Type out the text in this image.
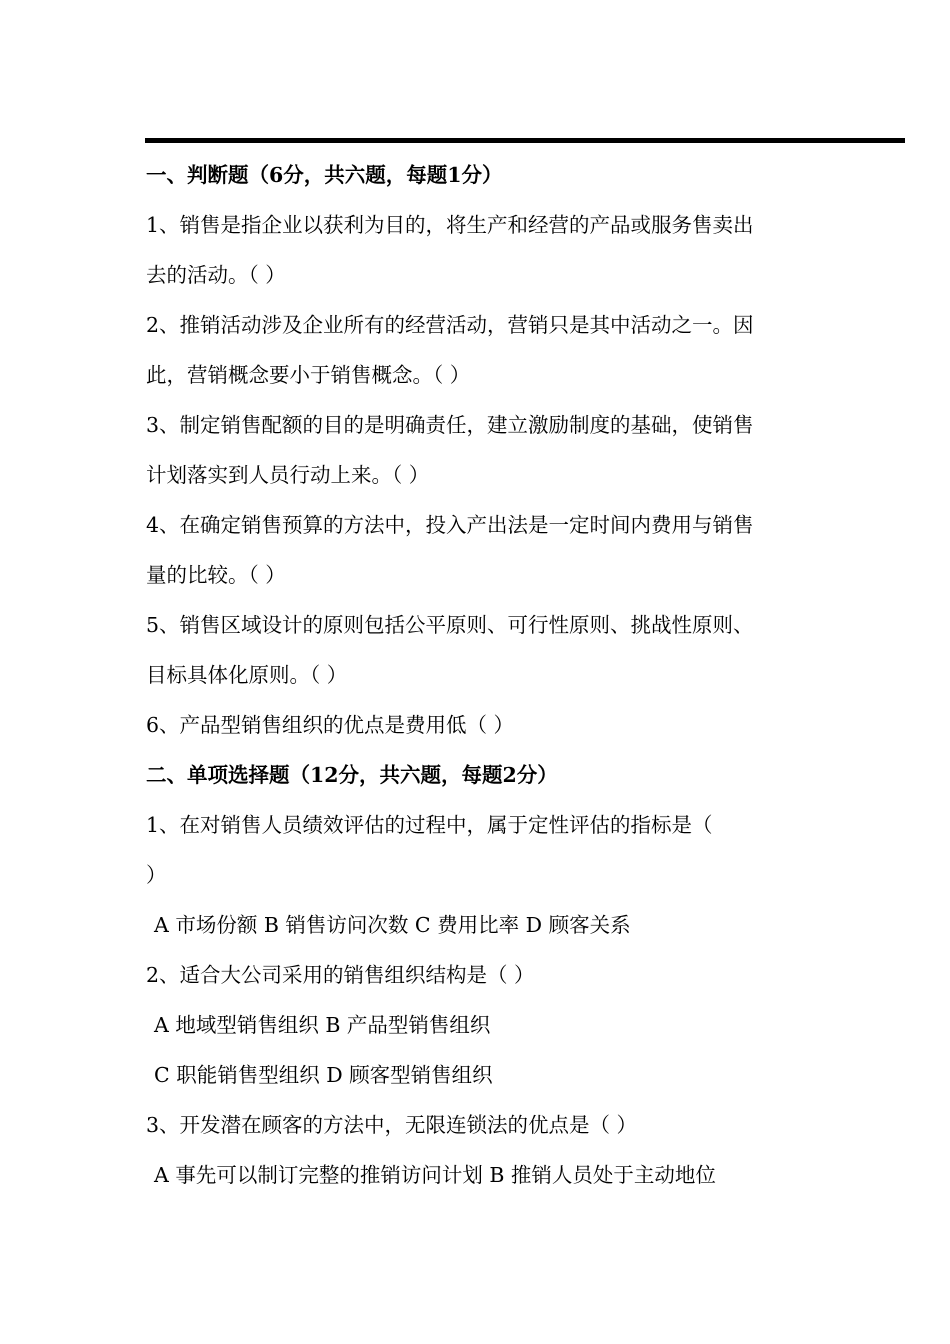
一、判断题（6分，共六题，每题1分）
1、销售是指企业以获利为目的，将生产和经营的产品或服务售卖出
去的活动。（ ）
2、推销活动涉及企业所有的经营活动，营销只是其中活动之一。因
此，营销概念要小于销售概念。（ ）
3、制定销售配额的目的是明确责任，建立激励制度的基础，使销售
计划落实到人员行动上来。（ ）
4、在确定销售预算的方法中，投入产出法是一定时间内费用与销售
量的比较。（ ）
5、销售区域设计的原则包括公平原则、可行性原则、挑战性原则、
目标具体化原则。（ ）
6、产品型销售组织的优点是费用低（ ）
二、单项选择题（12分，共六题，每题2分）
1、在对销售人员绩效评估的过程中，属于定性评估的指标是（
）
A 市场份额 B 销售访问次数 C 费用比率 D 顾客关系
2、适合大公司采用的销售组织结构是（ ）
A 地域型销售组织 B 产品型销售组织
C 职能销售型组织 D 顾客型销售组织
3、开发潜在顾客的方法中，无限连锁法的优点是（ ）
A 事先可以制订完整的推销访问计划 B 推销人员处于主动地位
